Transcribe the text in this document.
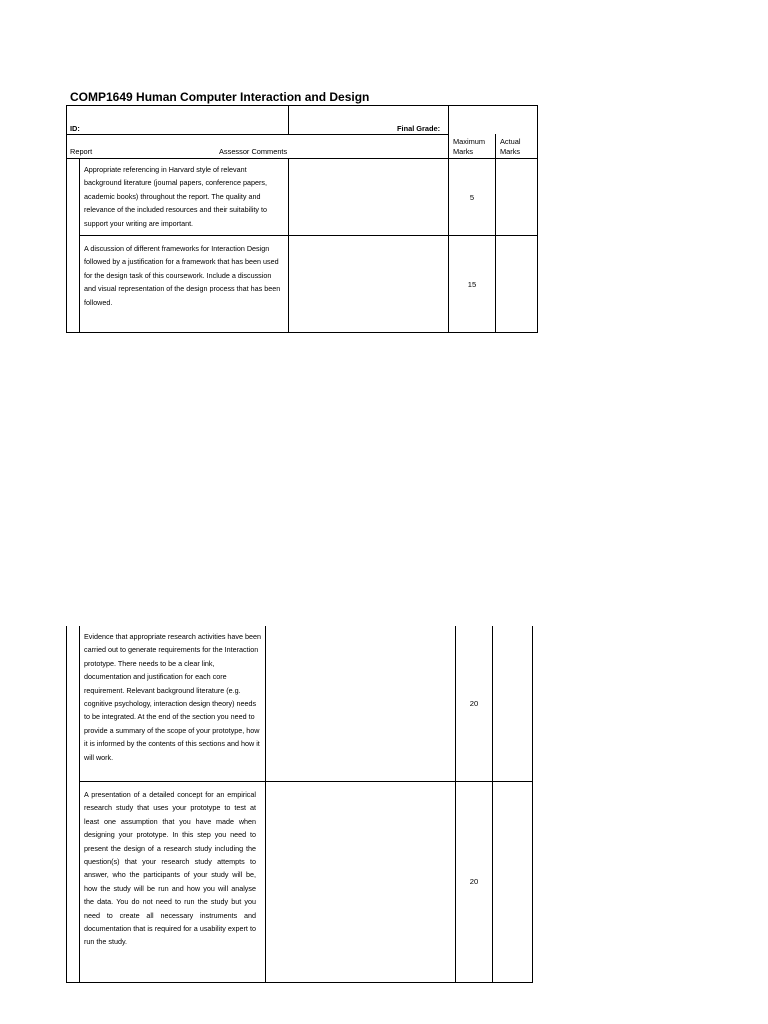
COMP1649 Human Computer Interaction and Design
ID:	Final Grade:
Report	Assessor Comments
Maximum
Marks
Actual
Marks
Appropriate referencing in Harvard style of relevant background literature (journal papers, conference papers, academic books) throughout the report. The quality and relevance of the included resources and their suitability to support your writing are important.
5
A discussion of different frameworks for Interaction Design followed by a justification for a framework that has been used for the design task of this coursework. Include a discussion and visual representation of the design process that has been followed.
15
Evidence that appropriate research activities have been carried out to generate requirements for the Interaction prototype. There needs to be a clear link, documentation and justification for each core requirement. Relevant background literature (e.g. cognitive psychology, interaction design theory) needs to be integrated. At the end of the section you need to provide a summary of the scope of your prototype, how it is informed by the contents of this sections and how it will work.
20
A presentation of a detailed concept for an empirical research study that uses your prototype to test at least one assumption that you have made when designing your prototype. In this step you need to present the design of a research study including the question(s) that your research study attempts to answer, who the participants of your study will be, how the study will be run and how you will analyse the data. You do not need to run the study but you need to create all necessary instruments and documentation that is required for a usability expert to run the study.
20
